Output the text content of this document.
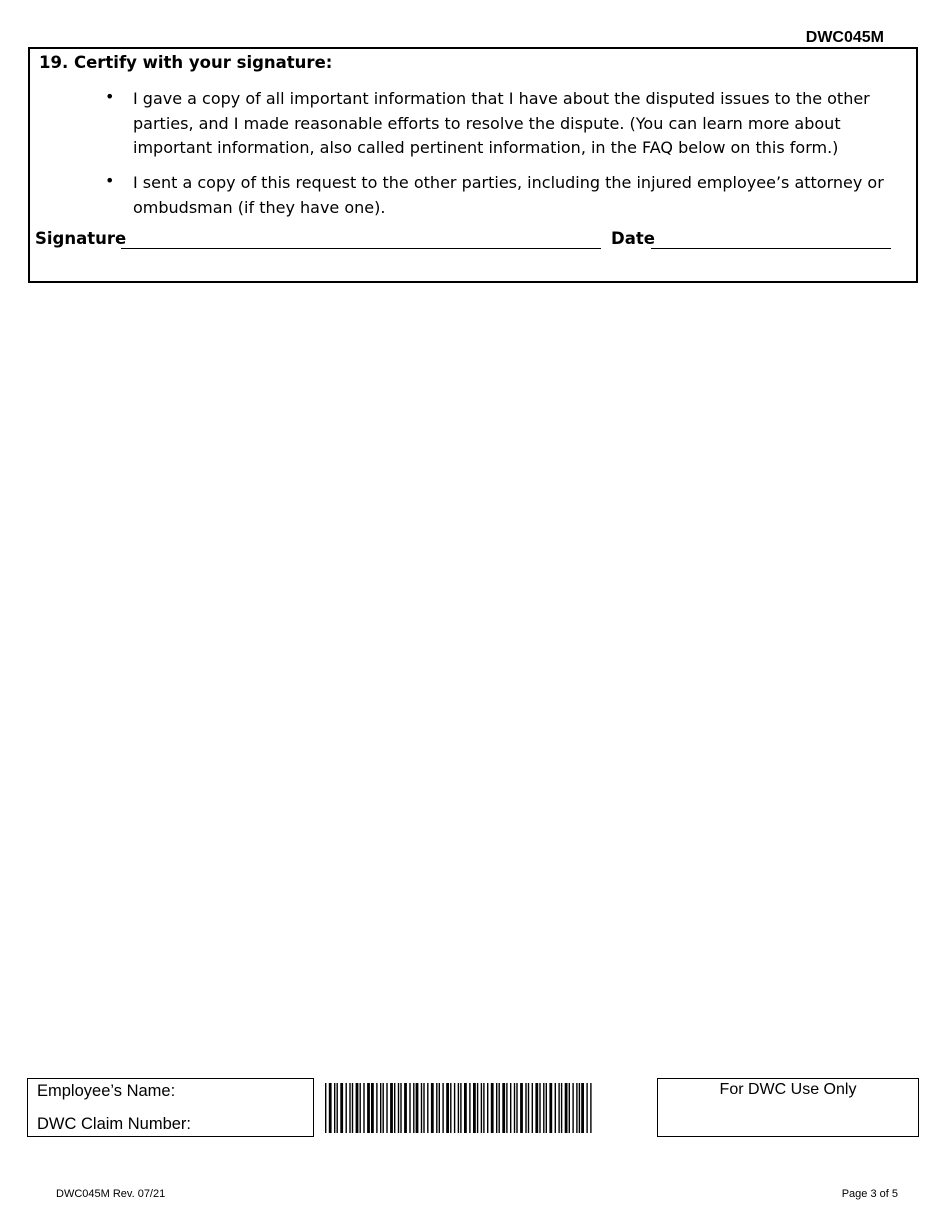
DWC045M
19. Certify with your signature:
• I gave a copy of all important information that I have about the disputed issues to the other parties, and I made reasonable efforts to resolve the dispute. (You can learn more about important information, also called pertinent information, in the FAQ below on this form.)
• I sent a copy of this request to the other parties, including the injured employee’s attorney or ombudsman (if they have one).
Signature	Date
Employee’s Name:
DWC Claim Number:
For DWC Use Only
DWC045M Rev. 07/21	Page 3 of 5
